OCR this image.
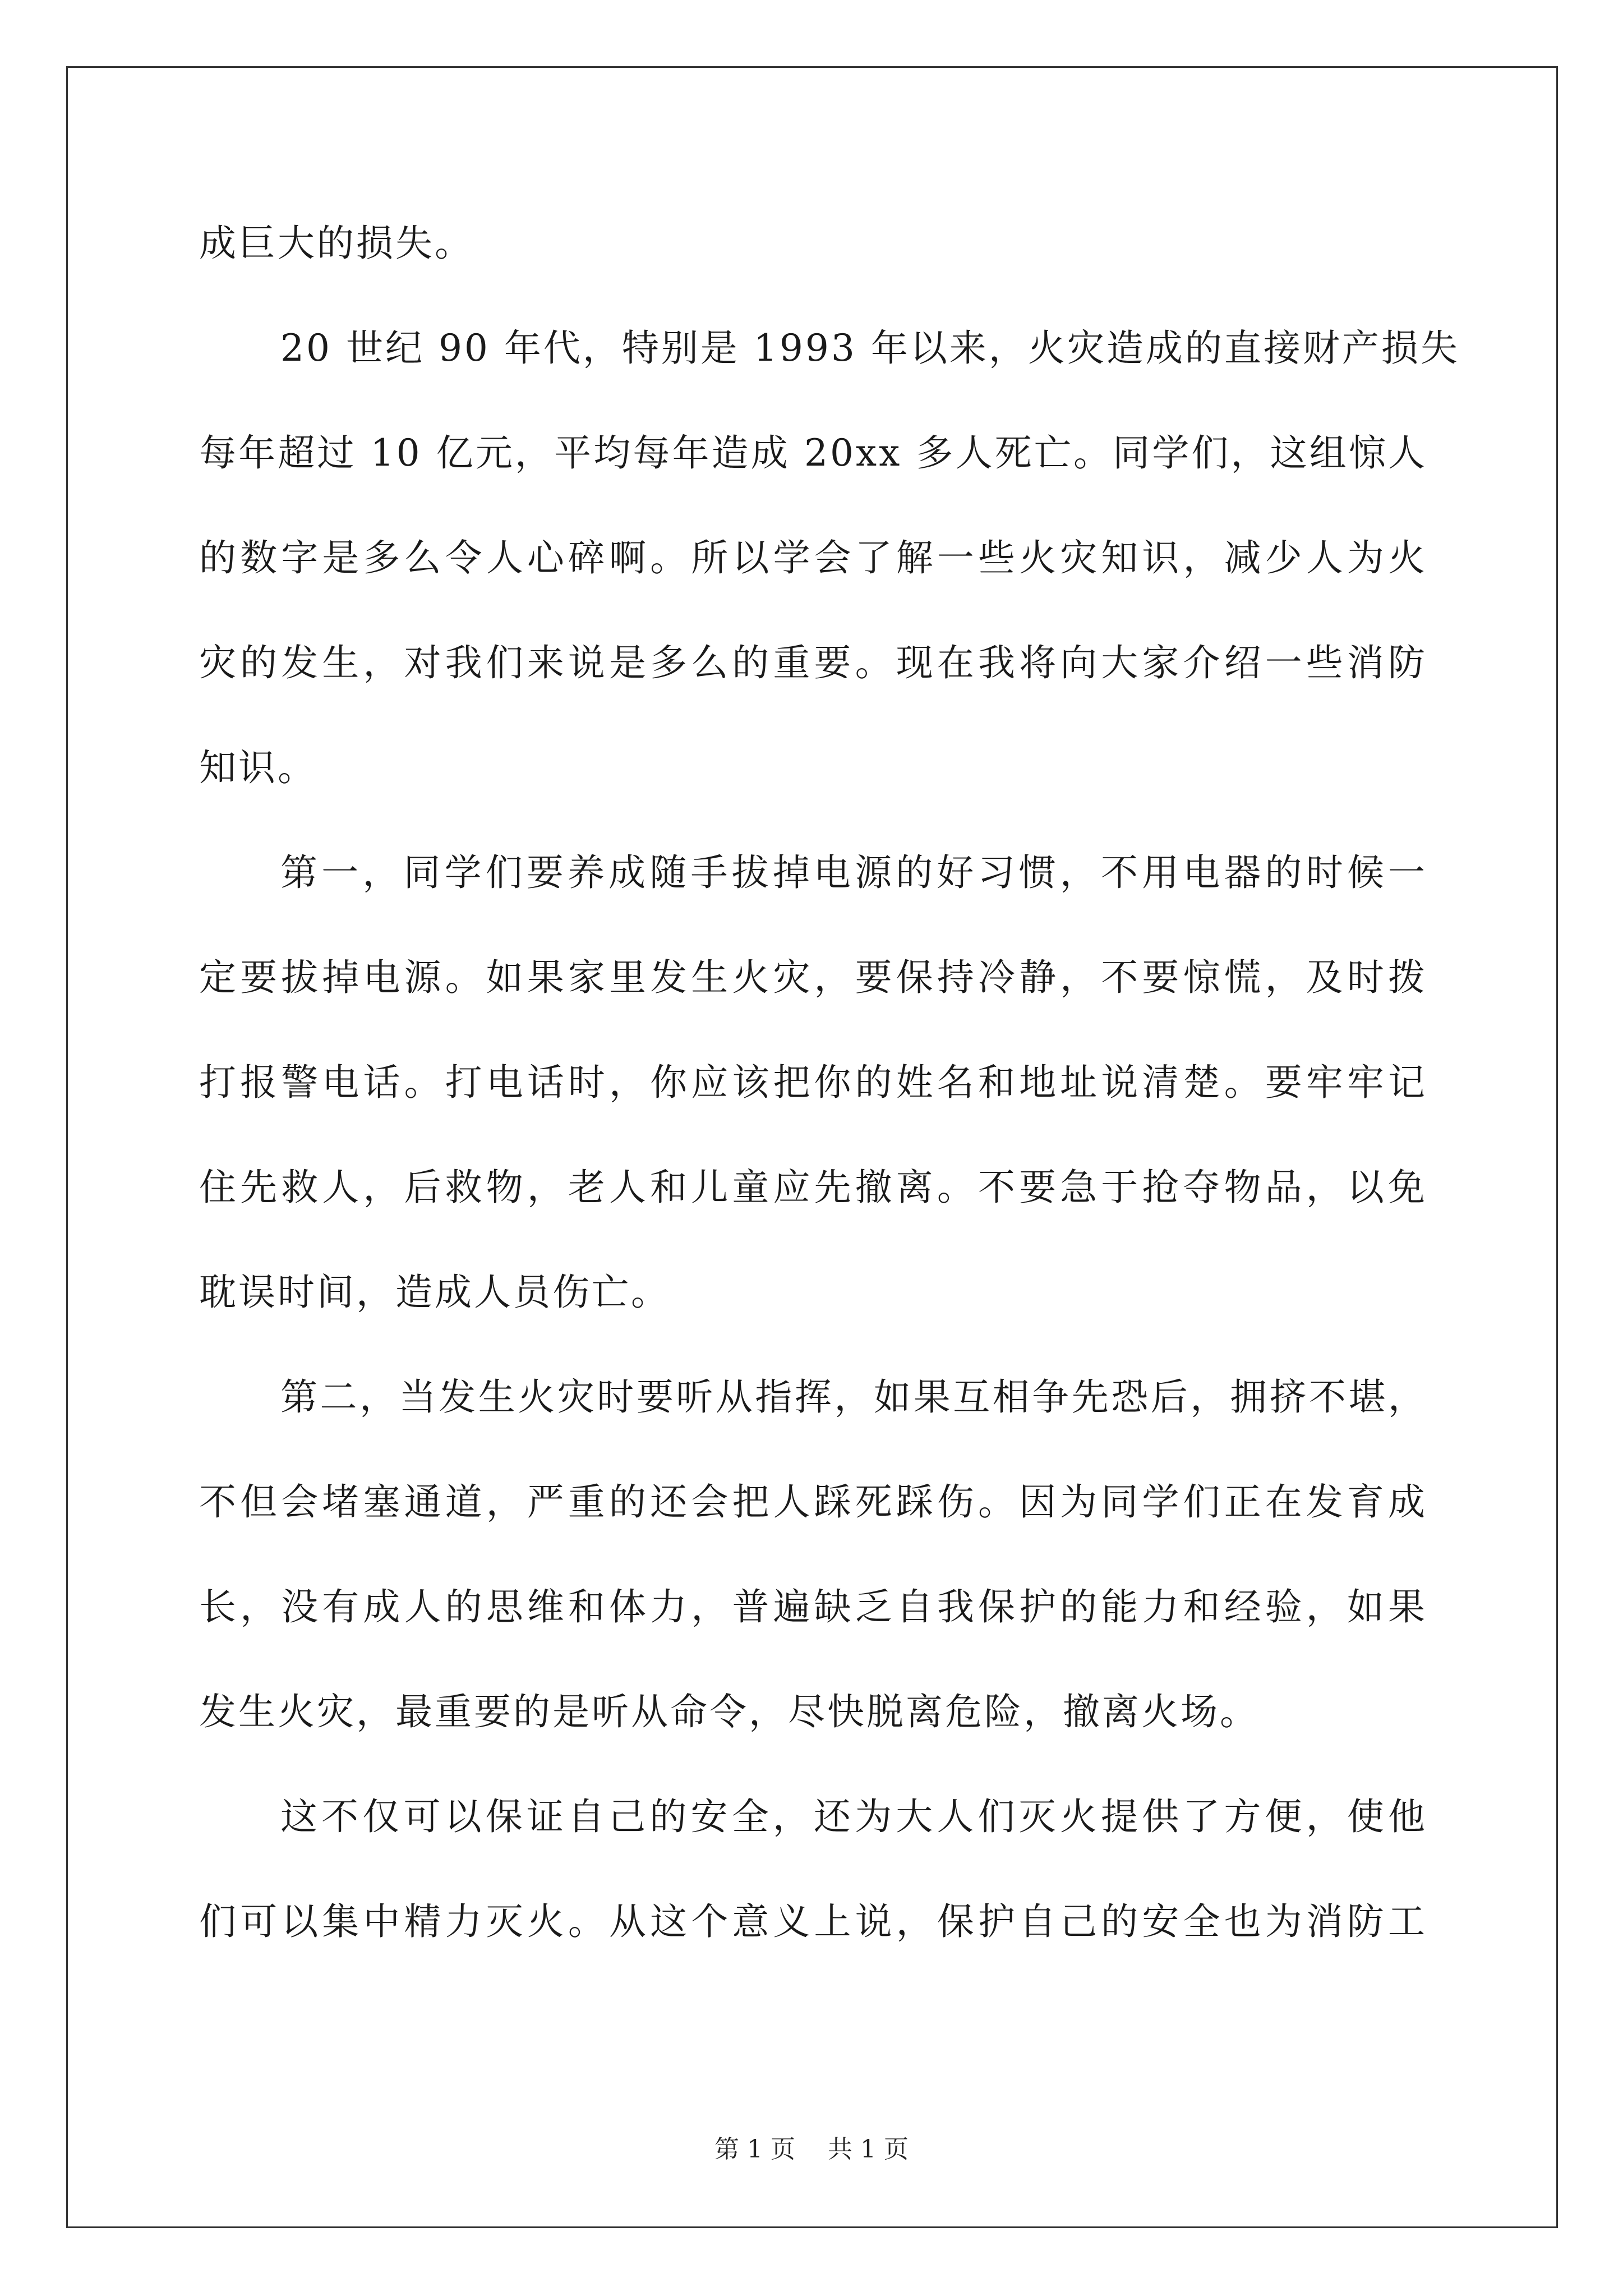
成巨大的损失。
20 世纪 90 年代，特别是 1993 年以来，火灾造成的直接财产损失
每年超过 10 亿元，平均每年造成 20xx 多人死亡。同学们，这组惊人
的数字是多么令人心碎啊。所以学会了解一些火灾知识，减少人为火
灾的发生，对我们来说是多么的重要。现在我将向大家介绍一些消防
知识。
第一，同学们要养成随手拔掉电源的好习惯，不用电器的时候一
定要拔掉电源。如果家里发生火灾，要保持冷静，不要惊慌，及时拨
打报警电话。打电话时，你应该把你的姓名和地址说清楚。要牢牢记
住先救人，后救物，老人和儿童应先撤离。不要急于抢夺物品，以免
耽误时间，造成人员伤亡。
第二，当发生火灾时要听从指挥，如果互相争先恐后，拥挤不堪，
不但会堵塞通道，严重的还会把人踩死踩伤。因为同学们正在发育成
长，没有成人的思维和体力，普遍缺乏自我保护的能力和经验，如果
发生火灾，最重要的是听从命令，尽快脱离危险，撤离火场。
这不仅可以保证自己的安全，还为大人们灭火提供了方便，使他
们可以集中精力灭火。从这个意义上说，保护自己的安全也为消防工
第 1 页 共 1 页
